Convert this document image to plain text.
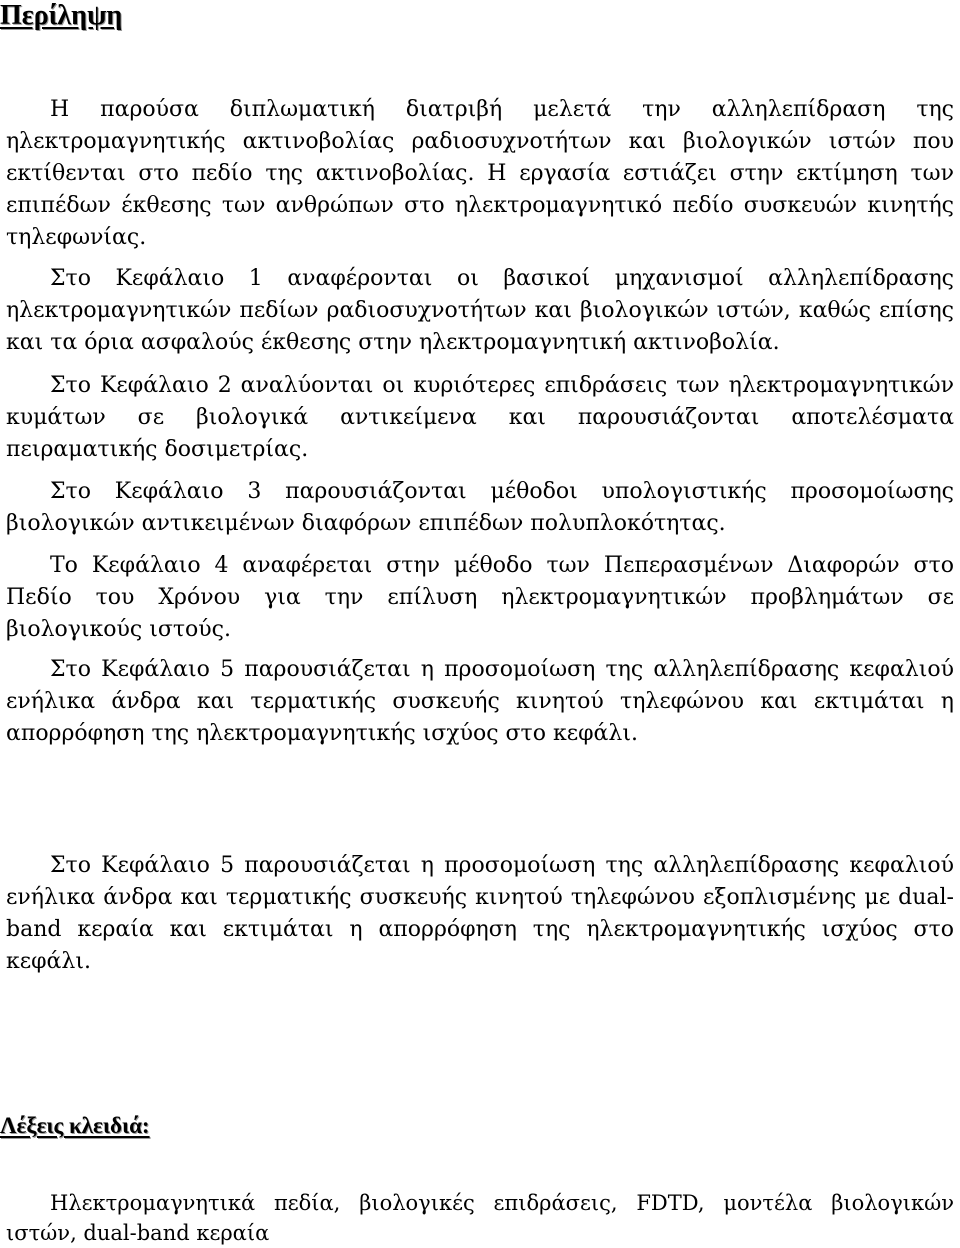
Περίληψη

Η παρούσα διπλωματική διατριβή μελετά την αλληλεπίδραση της ηλεκτρομαγνητικής ακτινοβολίας ραδιοσυχνοτήτων και βιολογικών ιστών που εκτίθενται στο πεδίο της ακτινοβολίας. Η εργασία εστιάζει στην εκτίμηση των επιπέδων έκθεσης των ανθρώπων στο ηλεκτρομαγνητικό πεδίο συσκευών κινητής τηλεφωνίας.

Στο Κεφάλαιο 1 αναφέρονται οι βασικοί μηχανισμοί αλληλεπίδρασης ηλεκτρομαγνητικών πεδίων ραδιοσυχνοτήτων και βιολογικών ιστών, καθώς επίσης και τα όρια ασφαλούς έκθεσης στην ηλεκτρομαγνητική ακτινοβολία.

Στο Κεφάλαιο 2 αναλύονται οι κυριότερες επιδράσεις των ηλεκτρομαγνητικών κυμάτων σε βιολογικά αντικείμενα και παρουσιάζονται αποτελέσματα πειραματικής δοσιμετρίας.

Στο Κεφάλαιο 3 παρουσιάζονται μέθοδοι υπολογιστικής προσομοίωσης βιολογικών αντικειμένων διαφόρων επιπέδων πολυπλοκότητας.

Το Κεφάλαιο 4 αναφέρεται στην μέθοδο των Πεπερασμένων Διαφορών στο Πεδίο του Χρόνου για την επίλυση ηλεκτρομαγνητικών προβλημάτων σε βιολογικούς ιστούς.

Στο Κεφάλαιο 5 παρουσιάζεται η προσομοίωση της αλληλεπίδρασης κεφαλιού ενήλικα άνδρα και τερματικής συσκευής κινητού τηλεφώνου και εκτιμάται η απορρόφηση της ηλεκτρομαγνητικής ισχύος στο κεφάλι.

Στο Κεφάλαιο 5 παρουσιάζεται η προσομοίωση της αλληλεπίδρασης κεφαλιού ενήλικα άνδρα και τερματικής συσκευής κινητού τηλεφώνου εξοπλισμένης με dual-band κεραία και εκτιμάται η απορρόφηση της ηλεκτρομαγνητικής ισχύος στο κεφάλι.

Λέξεις κλειδιά:

Ηλεκτρομαγνητικά πεδία, βιολογικές επιδράσεις, FDTD, μοντέλα βιολογικών ιστών, dual-band κεραία
